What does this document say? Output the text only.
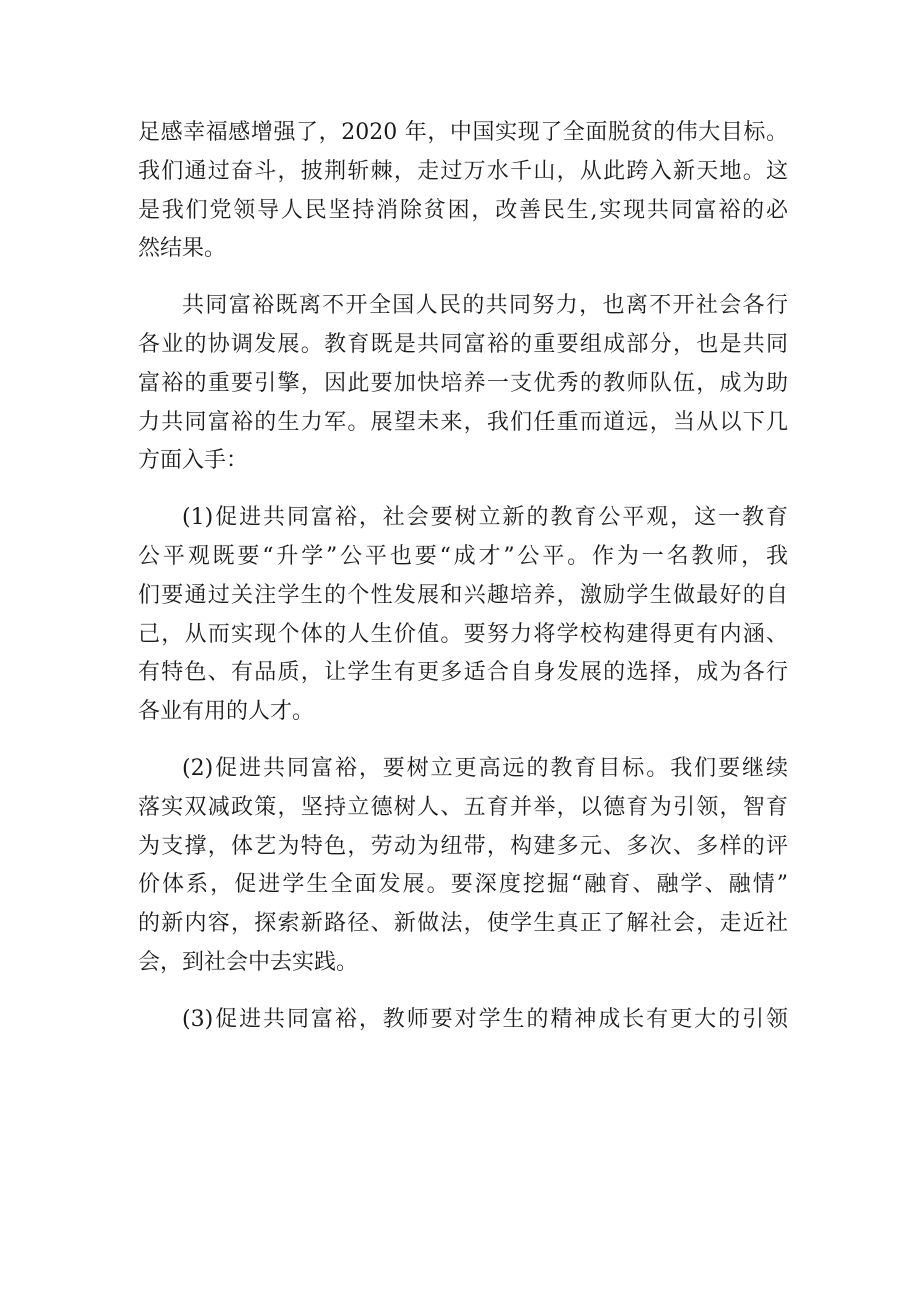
足感幸福感增强了，2020 年，中国实现了全面脱贫的伟大目标。
我们通过奋斗，披荆斩棘，走过万水千山，从此跨入新天地。这
是我们党领导人民坚持消除贫困，改善民生,实现共同富裕的必
然结果。
共同富裕既离不开全国人民的共同努力，也离不开社会各行
各业的协调发展。教育既是共同富裕的重要组成部分，也是共同
富裕的重要引擎，因此要加快培养一支优秀的教师队伍，成为助
力共同富裕的生力军。展望未来，我们任重而道远，当从以下几
方面入手：
(1)促进共同富裕，社会要树立新的教育公平观，这一教育
公平观既要“升学”公平也要“成才”公平。作为一名教师，我
们要通过关注学生的个性发展和兴趣培养，激励学生做最好的自
己，从而实现个体的人生价值。要努力将学校构建得更有内涵、
有特色、有品质，让学生有更多适合自身发展的选择，成为各行
各业有用的人才。
(2)促进共同富裕，要树立更高远的教育目标。我们要继续
落实双减政策，坚持立德树人、五育并举，以德育为引领，智育
为支撑，体艺为特色，劳动为纽带，构建多元、多次、多样的评
价体系，促进学生全面发展。要深度挖掘“融育、融学、融情”
的新内容，探索新路径、新做法，使学生真正了解社会，走近社
会，到社会中去实践。
(3)促进共同富裕，教师要对学生的精神成长有更大的引领
